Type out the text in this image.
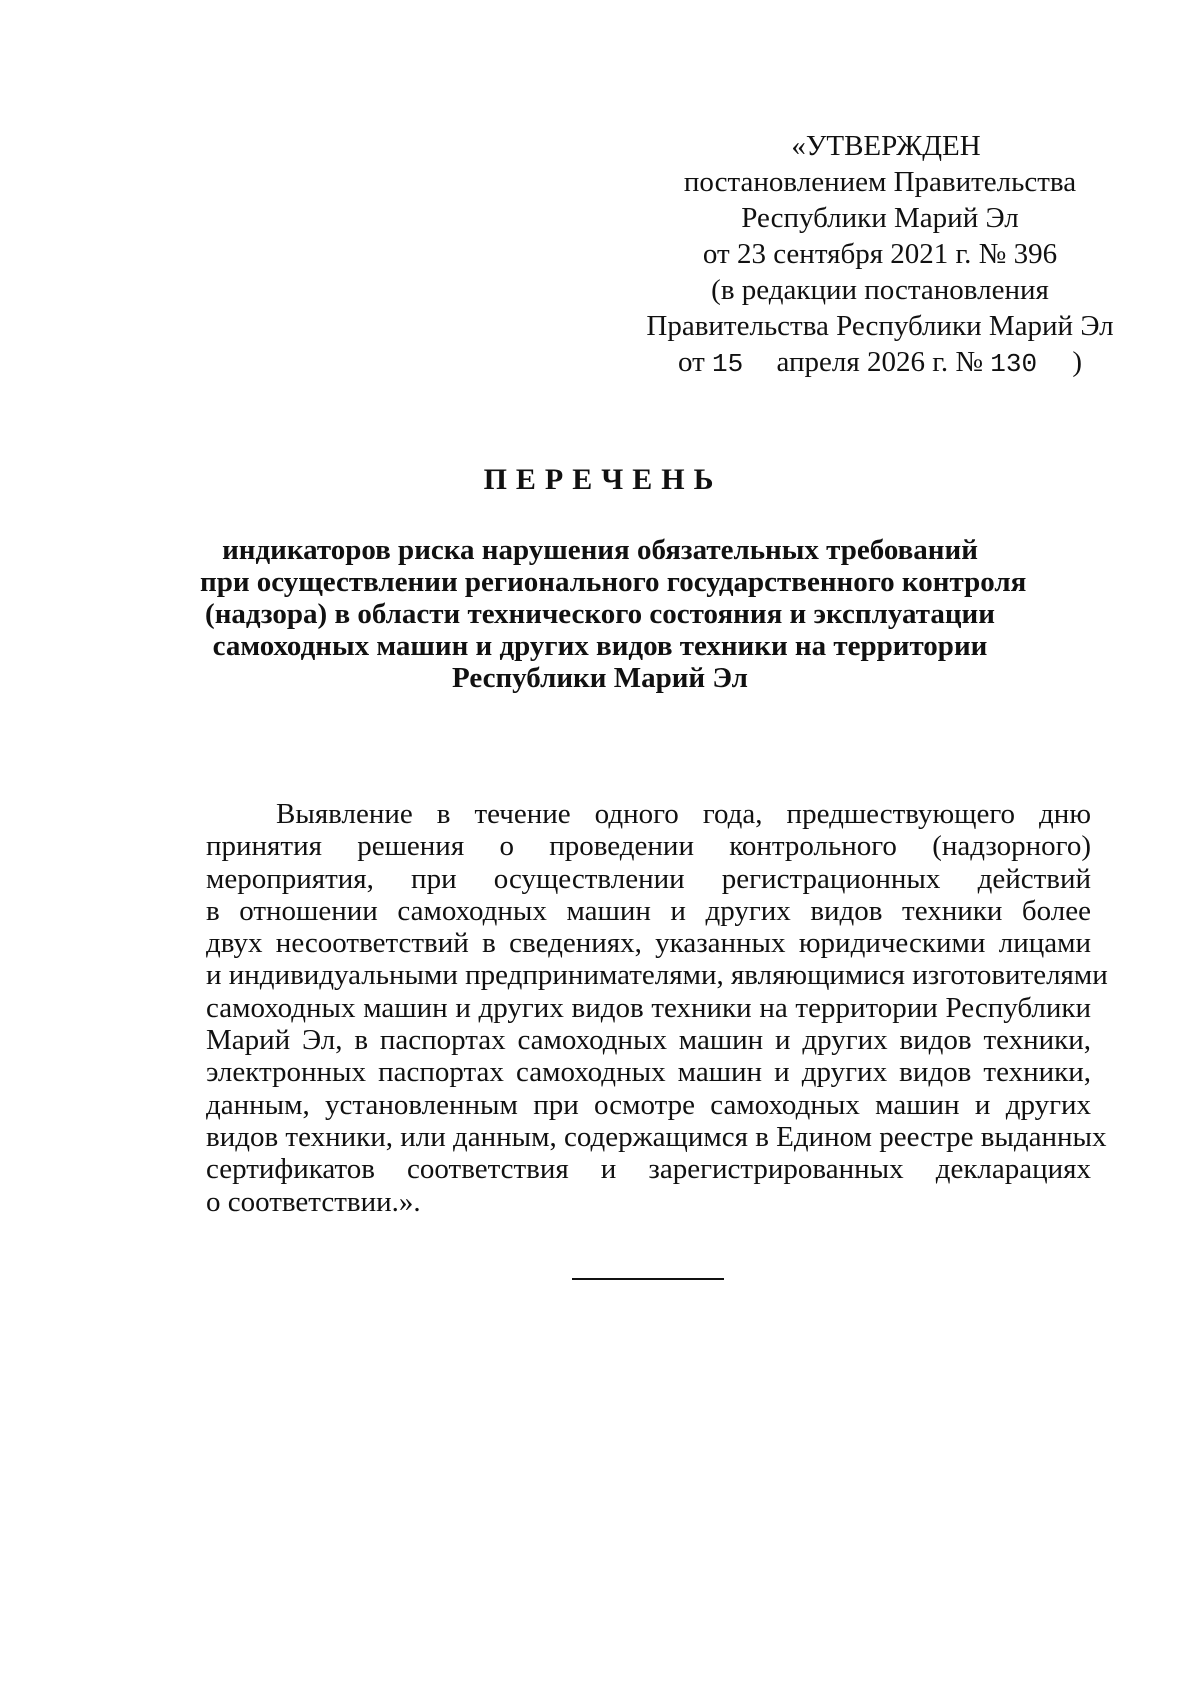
«УТВЕРЖДЕН
постановлением Правительства
Республики Марий Эл
от 23 сентября 2021 г. № 396
(в редакции постановления
Правительства Республики Марий Эл
от 15 апреля 2026 г. № 130 )
ПЕРЕЧЕНЬ
индикаторов риска нарушения обязательных требований
при осуществлении регионального государственного контроля
(надзора) в области технического состояния и эксплуатации
самоходных машин и других видов техники на территории
Республики Марий Эл
Выявление в течение одного года, предшествующего дню
принятия решения о проведении контрольного (надзорного)
мероприятия, при осуществлении регистрационных действий
в отношении самоходных машин и других видов техники более
двух несоответствий в сведениях, указанных юридическими лицами
и индивидуальными предпринимателями, являющимися изготовителями
самоходных машин и других видов техники на территории Республики
Марий Эл, в паспортах самоходных машин и других видов техники,
электронных паспортах самоходных машин и других видов техники,
данным, установленным при осмотре самоходных машин и других
видов техники, или данным, содержащимся в Едином реестре выданных
сертификатов соответствия и зарегистрированных декларациях
о соответствии.».
